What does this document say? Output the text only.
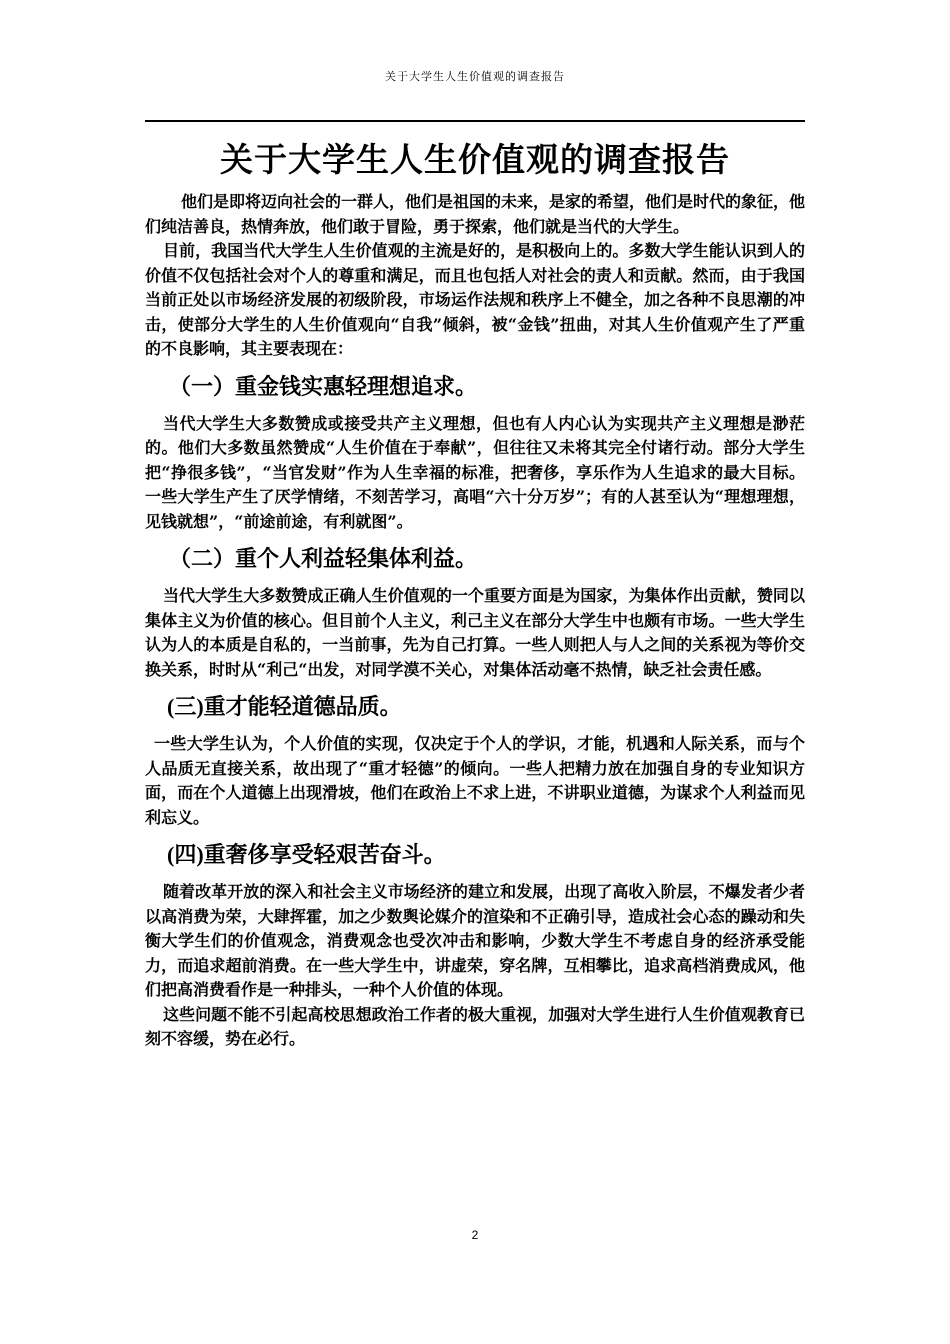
关于大学生人生价值观的调查报告
关于大学生人生价值观的调查报告

他们是即将迈向社会的一群人，他们是祖国的未来，是家的希望，他们是时代的象征，他们纯洁善良，热情奔放，他们敢于冒险，勇于探索，他们就是当代的大学生。

目前，我国当代大学生人生价值观的主流是好的，是积极向上的。多数大学生能认识到人的价值不仅包括社会对个人的尊重和满足，而且也包括人对社会的责人和贡献。然而，由于我国当前正处以市场经济发展的初级阶段，市场运作法规和秩序上不健全，加之各种不良思潮的冲击，使部分大学生的人生价值观向“自我”倾斜，被“金钱”扭曲，对其人生价值观产生了严重的不良影响，其主要表现在：

（一）重金钱实惠轻理想追求。

当代大学生大多数赞成或接受共产主义理想，但也有人内心认为实现共产主义理想是渺茫的。他们大多数虽然赞成“人生价值在于奉献”，但往往又未将其完全付诸行动。部分大学生把“挣很多钱”，“当官发财”作为人生幸福的标准，把奢侈，享乐作为人生追求的最大目标。一些大学生产生了厌学情绪，不刻苦学习，高唱“六十分万岁”；有的人甚至认为“理想理想，见钱就想”，“前途前途，有利就图”。

（二）重个人利益轻集体利益。

当代大学生大多数赞成正确人生价值观的一个重要方面是为国家，为集体作出贡献，赞同以集体主义为价值的核心。但目前个人主义，利己主义在部分大学生中也颇有市场。一些大学生认为人的本质是自私的，一当前事，先为自己打算。一些人则把人与人之间的关系视为等价交换关系，时时从“利己“出发，对同学漠不关心，对集体活动毫不热情，缺乏社会责任感。

(三)重才能轻道德品质。

一些大学生认为，个人价值的实现，仅决定于个人的学识，才能，机遇和人际关系，而与个人品质无直接关系，故出现了“重才轻德”的倾向。一些人把精力放在加强自身的专业知识方面，而在个人道德上出现滑坡，他们在政治上不求上进，不讲职业道德，为谋求个人利益而见利忘义。

(四)重奢侈享受轻艰苦奋斗。

随着改革开放的深入和社会主义市场经济的建立和发展，出现了高收入阶层，不爆发者少者以高消费为荣，大肆挥霍，加之少数舆论媒介的渲染和不正确引导，造成社会心态的躁动和失衡大学生们的价值观念，消费观念也受次冲击和影响，少数大学生不考虑自身的经济承受能力，而追求超前消费。在一些大学生中，讲虚荣，穿名牌，互相攀比，追求高档消费成风，他们把高消费看作是一种排头，一种个人价值的体现。

这些问题不能不引起高校思想政治工作者的极大重视，加强对大学生进行人生价值观教育已刻不容缓，势在必行。

2
